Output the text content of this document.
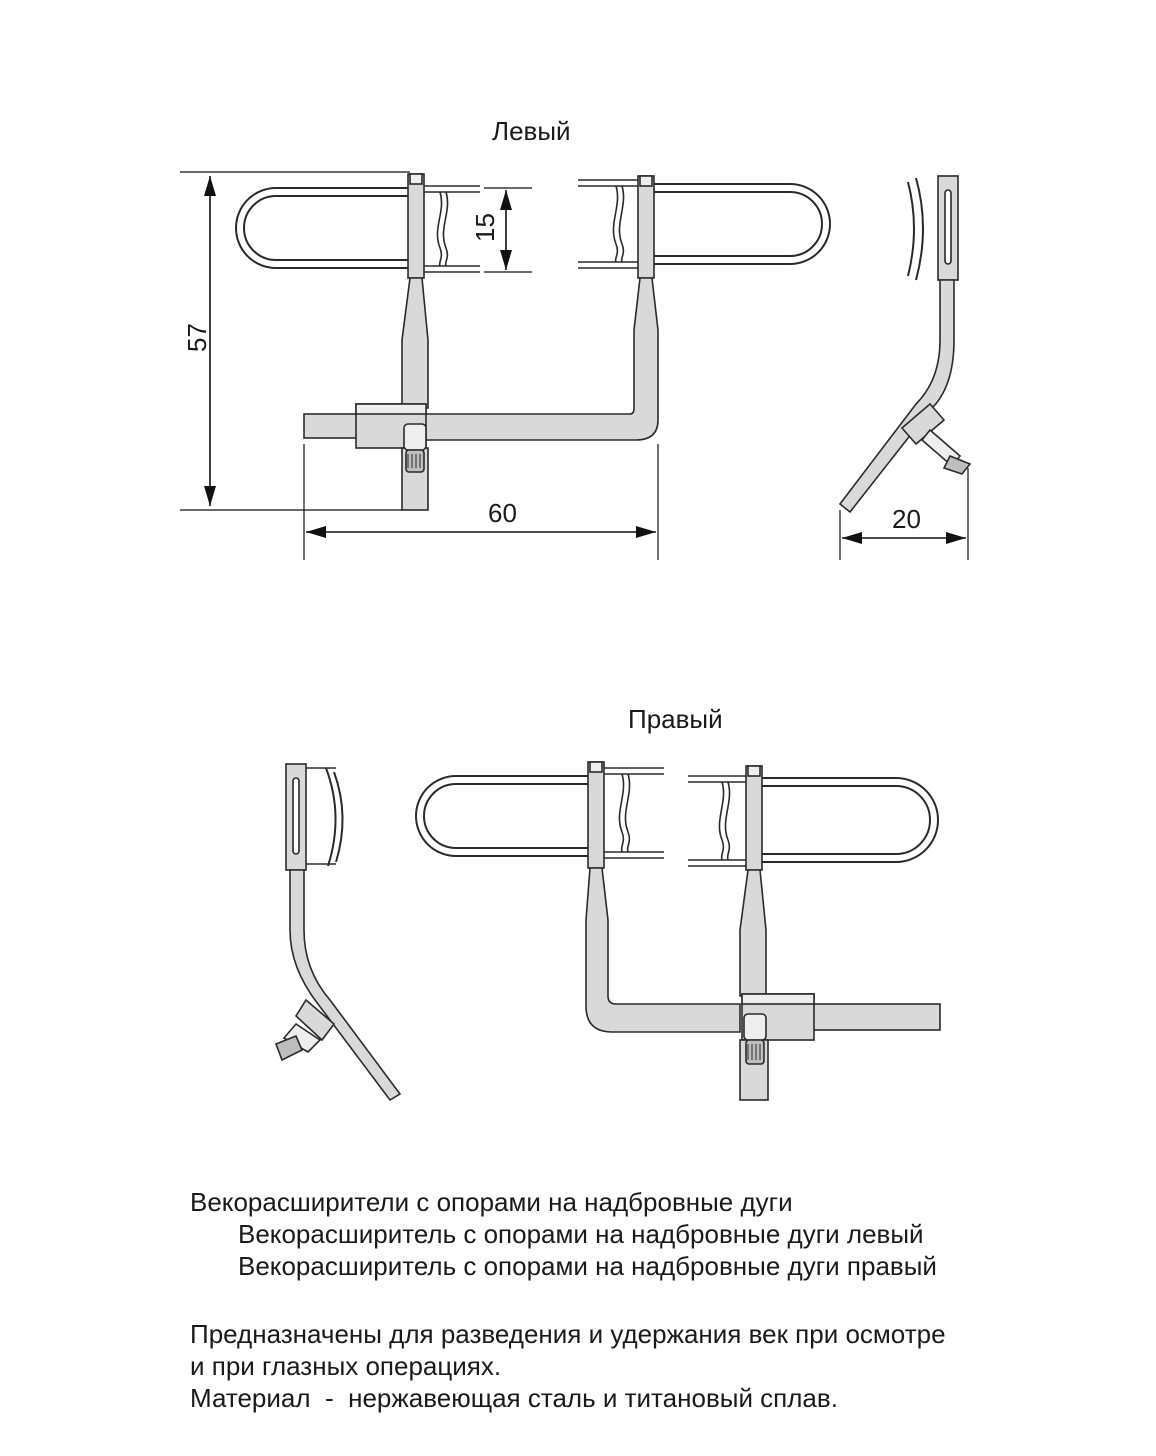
Левый
Правый
57
15
60	20
Векорасширители с опорами на надбровные дуги
Векорасширитель с опорами на надбровные дуги левый
Векорасширитель с опорами на надбровные дуги правый
Предназначены для разведения и удержания век при осмотре
и при глазных операциях.
Материал  -  нержавеющая сталь и титановый сплав.
